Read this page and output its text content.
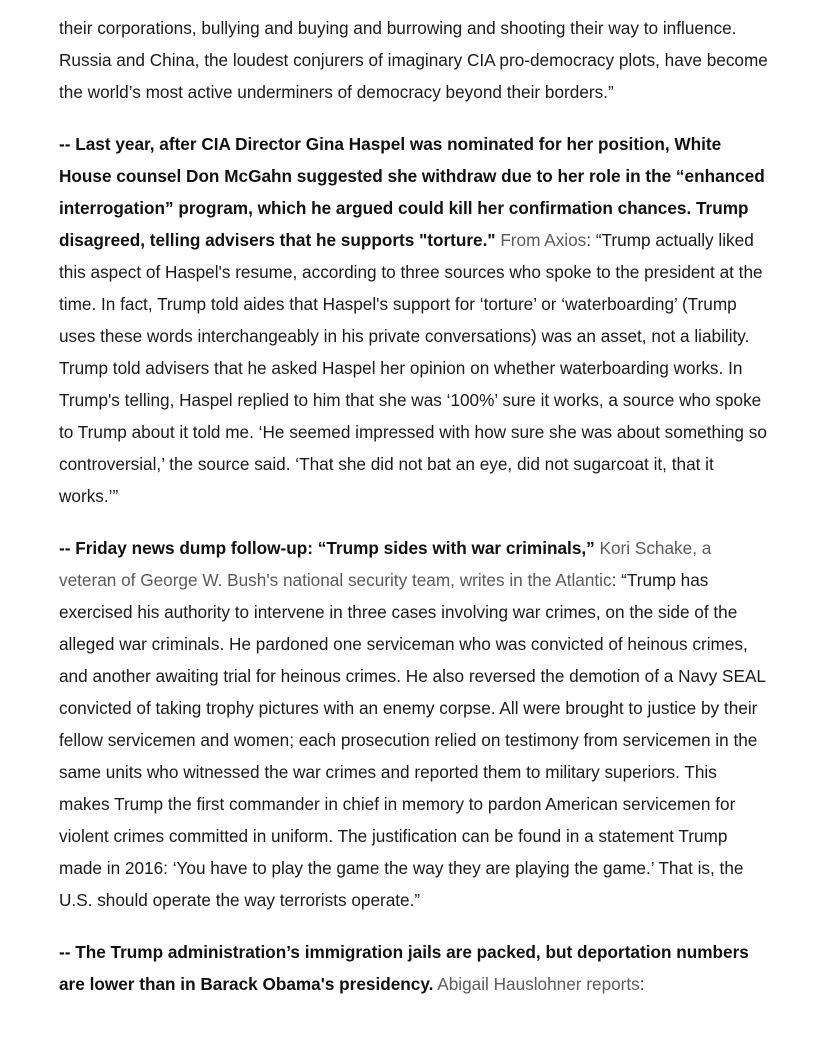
their corporations, bullying and buying and burrowing and shooting their way to influence. Russia and China, the loudest conjurers of imaginary CIA pro-democracy plots, have become the world’s most active underminers of democracy beyond their borders.”

-- Last year, after CIA Director Gina Haspel was nominated for her position, White House counsel Don McGahn suggested she withdraw due to her role in the “enhanced interrogation” program, which he argued could kill her confirmation chances. Trump disagreed, telling advisers that he supports "torture." From Axios: “Trump actually liked this aspect of Haspel's resume, according to three sources who spoke to the president at the time. In fact, Trump told aides that Haspel's support for ‘torture’ or ‘waterboarding’ (Trump uses these words interchangeably in his private conversations) was an asset, not a liability. Trump told advisers that he asked Haspel her opinion on whether waterboarding works. In Trump's telling, Haspel replied to him that she was ‘100%’ sure it works, a source who spoke to Trump about it told me. ‘He seemed impressed with how sure she was about something so controversial,’ the source said. ‘That she did not bat an eye, did not sugarcoat it, that it works.’”

-- Friday news dump follow-up: “Trump sides with war criminals,” Kori Schake, a veteran of George W. Bush's national security team, writes in the Atlantic: “Trump has exercised his authority to intervene in three cases involving war crimes, on the side of the alleged war criminals. He pardoned one serviceman who was convicted of heinous crimes, and another awaiting trial for heinous crimes. He also reversed the demotion of a Navy SEAL convicted of taking trophy pictures with an enemy corpse. All were brought to justice by their fellow servicemen and women; each prosecution relied on testimony from servicemen in the same units who witnessed the war crimes and reported them to military superiors. This makes Trump the first commander in chief in memory to pardon American servicemen for violent crimes committed in uniform. The justification can be found in a statement Trump made in 2016: ‘You have to play the game the way they are playing the game.’ That is, the U.S. should operate the way terrorists operate.”

-- The Trump administration’s immigration jails are packed, but deportation numbers are lower than in Barack Obama's presidency. Abigail Hauslohner reports:
